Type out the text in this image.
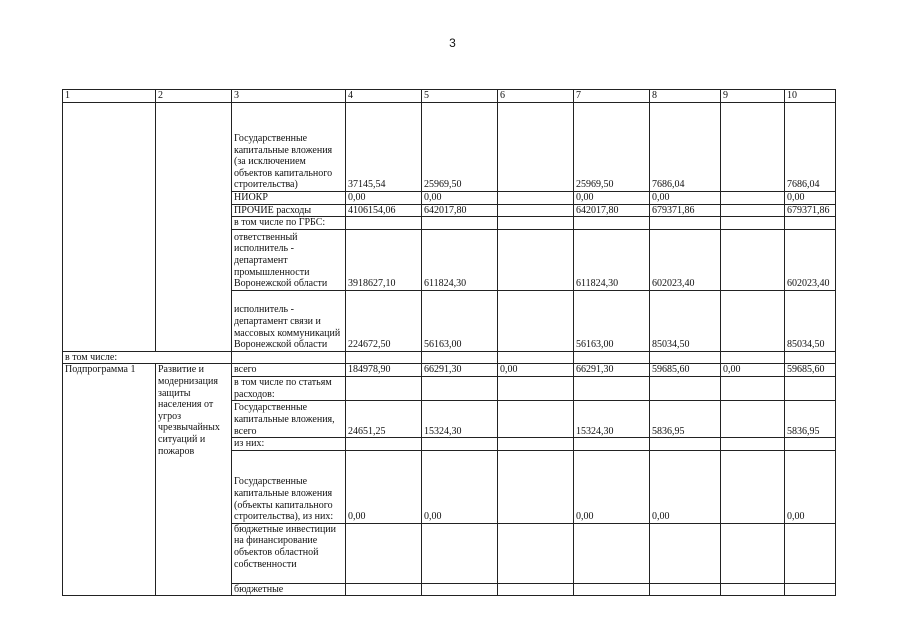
3
1	2	3	4	5	6	7	8	9	10
		Государственные капитальные вложения (за исключением объектов капитального строительства)	37145,54	25969,50		25969,50	7686,04		7686,04
		НИОКР	0,00	0,00		0,00	0,00		0,00
		ПРОЧИЕ расходы	4106154,06	642017,80		642017,80	679371,86		679371,86
		в том числе по ГРБС:							
		ответственный исполнитель - департамент промышленности Воронежской области	3918627,10	611824,30		611824,30	602023,40		602023,40
		исполнитель - департамент связи и массовых коммуникаций Воронежской области	224672,50	56163,00		56163,00	85034,50		85034,50
в том числе:									
Подпрограмма 1	Развитие и модернизация защиты населения от угроз чрезвычайных ситуаций и пожаров	всего	184978,90	66291,30	0,00	66291,30	59685,60	0,00	59685,60
		в том числе по статьям расходов:							
		Государственные капитальные вложения, всего	24651,25	15324,30		15324,30	5836,95		5836,95
		из них:							
		Государственные капитальные вложения (объекты капитального строительства), из них:	0,00	0,00		0,00	0,00		0,00
		бюджетные инвестиции на финансирование объектов областной собственности							
		бюджетные							
